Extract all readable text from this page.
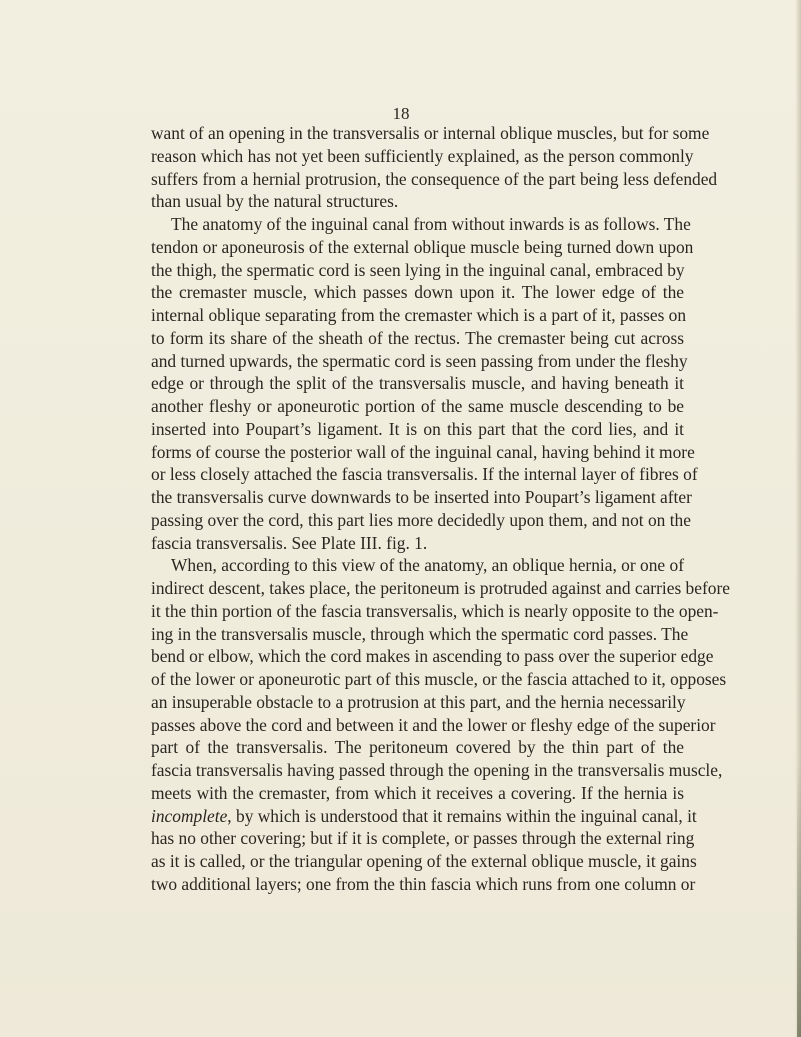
18

want of an opening in the transversalis or internal oblique muscles, but for some
reason which has not yet been sufficiently explained, as the person commonly
suffers from a hernial protrusion, the consequence of the part being less defended
than usual by the natural structures.
The anatomy of the inguinal canal from without inwards is as follows. The
tendon or aponeurosis of the external oblique muscle being turned down upon
the thigh, the spermatic cord is seen lying in the inguinal canal, embraced by
the cremaster muscle, which passes down upon it. The lower edge of the
internal oblique separating from the cremaster which is a part of it, passes on
to form its share of the sheath of the rectus. The cremaster being cut across
and turned upwards, the spermatic cord is seen passing from under the fleshy
edge or through the split of the transversalis muscle, and having beneath it
another fleshy or aponeurotic portion of the same muscle descending to be
inserted into Poupart’s ligament. It is on this part that the cord lies, and it
forms of course the posterior wall of the inguinal canal, having behind it more
or less closely attached the fascia transversalis. If the internal layer of fibres of
the transversalis curve downwards to be inserted into Poupart’s ligament after
passing over the cord, this part lies more decidedly upon them, and not on the
fascia transversalis. See Plate III. fig. 1.
When, according to this view of the anatomy, an oblique hernia, or one of
indirect descent, takes place, the peritoneum is protruded against and carries before
it the thin portion of the fascia transversalis, which is nearly opposite to the open-
ing in the transversalis muscle, through which the spermatic cord passes. The
bend or elbow, which the cord makes in ascending to pass over the superior edge
of the lower or aponeurotic part of this muscle, or the fascia attached to it, opposes
an insuperable obstacle to a protrusion at this part, and the hernia necessarily
passes above the cord and between it and the lower or fleshy edge of the superior
part of the transversalis. The peritoneum covered by the thin part of the
fascia transversalis having passed through the opening in the transversalis muscle,
meets with the cremaster, from which it receives a covering. If the hernia is
incomplete, by which is understood that it remains within the inguinal canal, it
has no other covering; but if it is complete, or passes through the external ring
as it is called, or the triangular opening of the external oblique muscle, it gains
two additional layers; one from the thin fascia which runs from one column or
